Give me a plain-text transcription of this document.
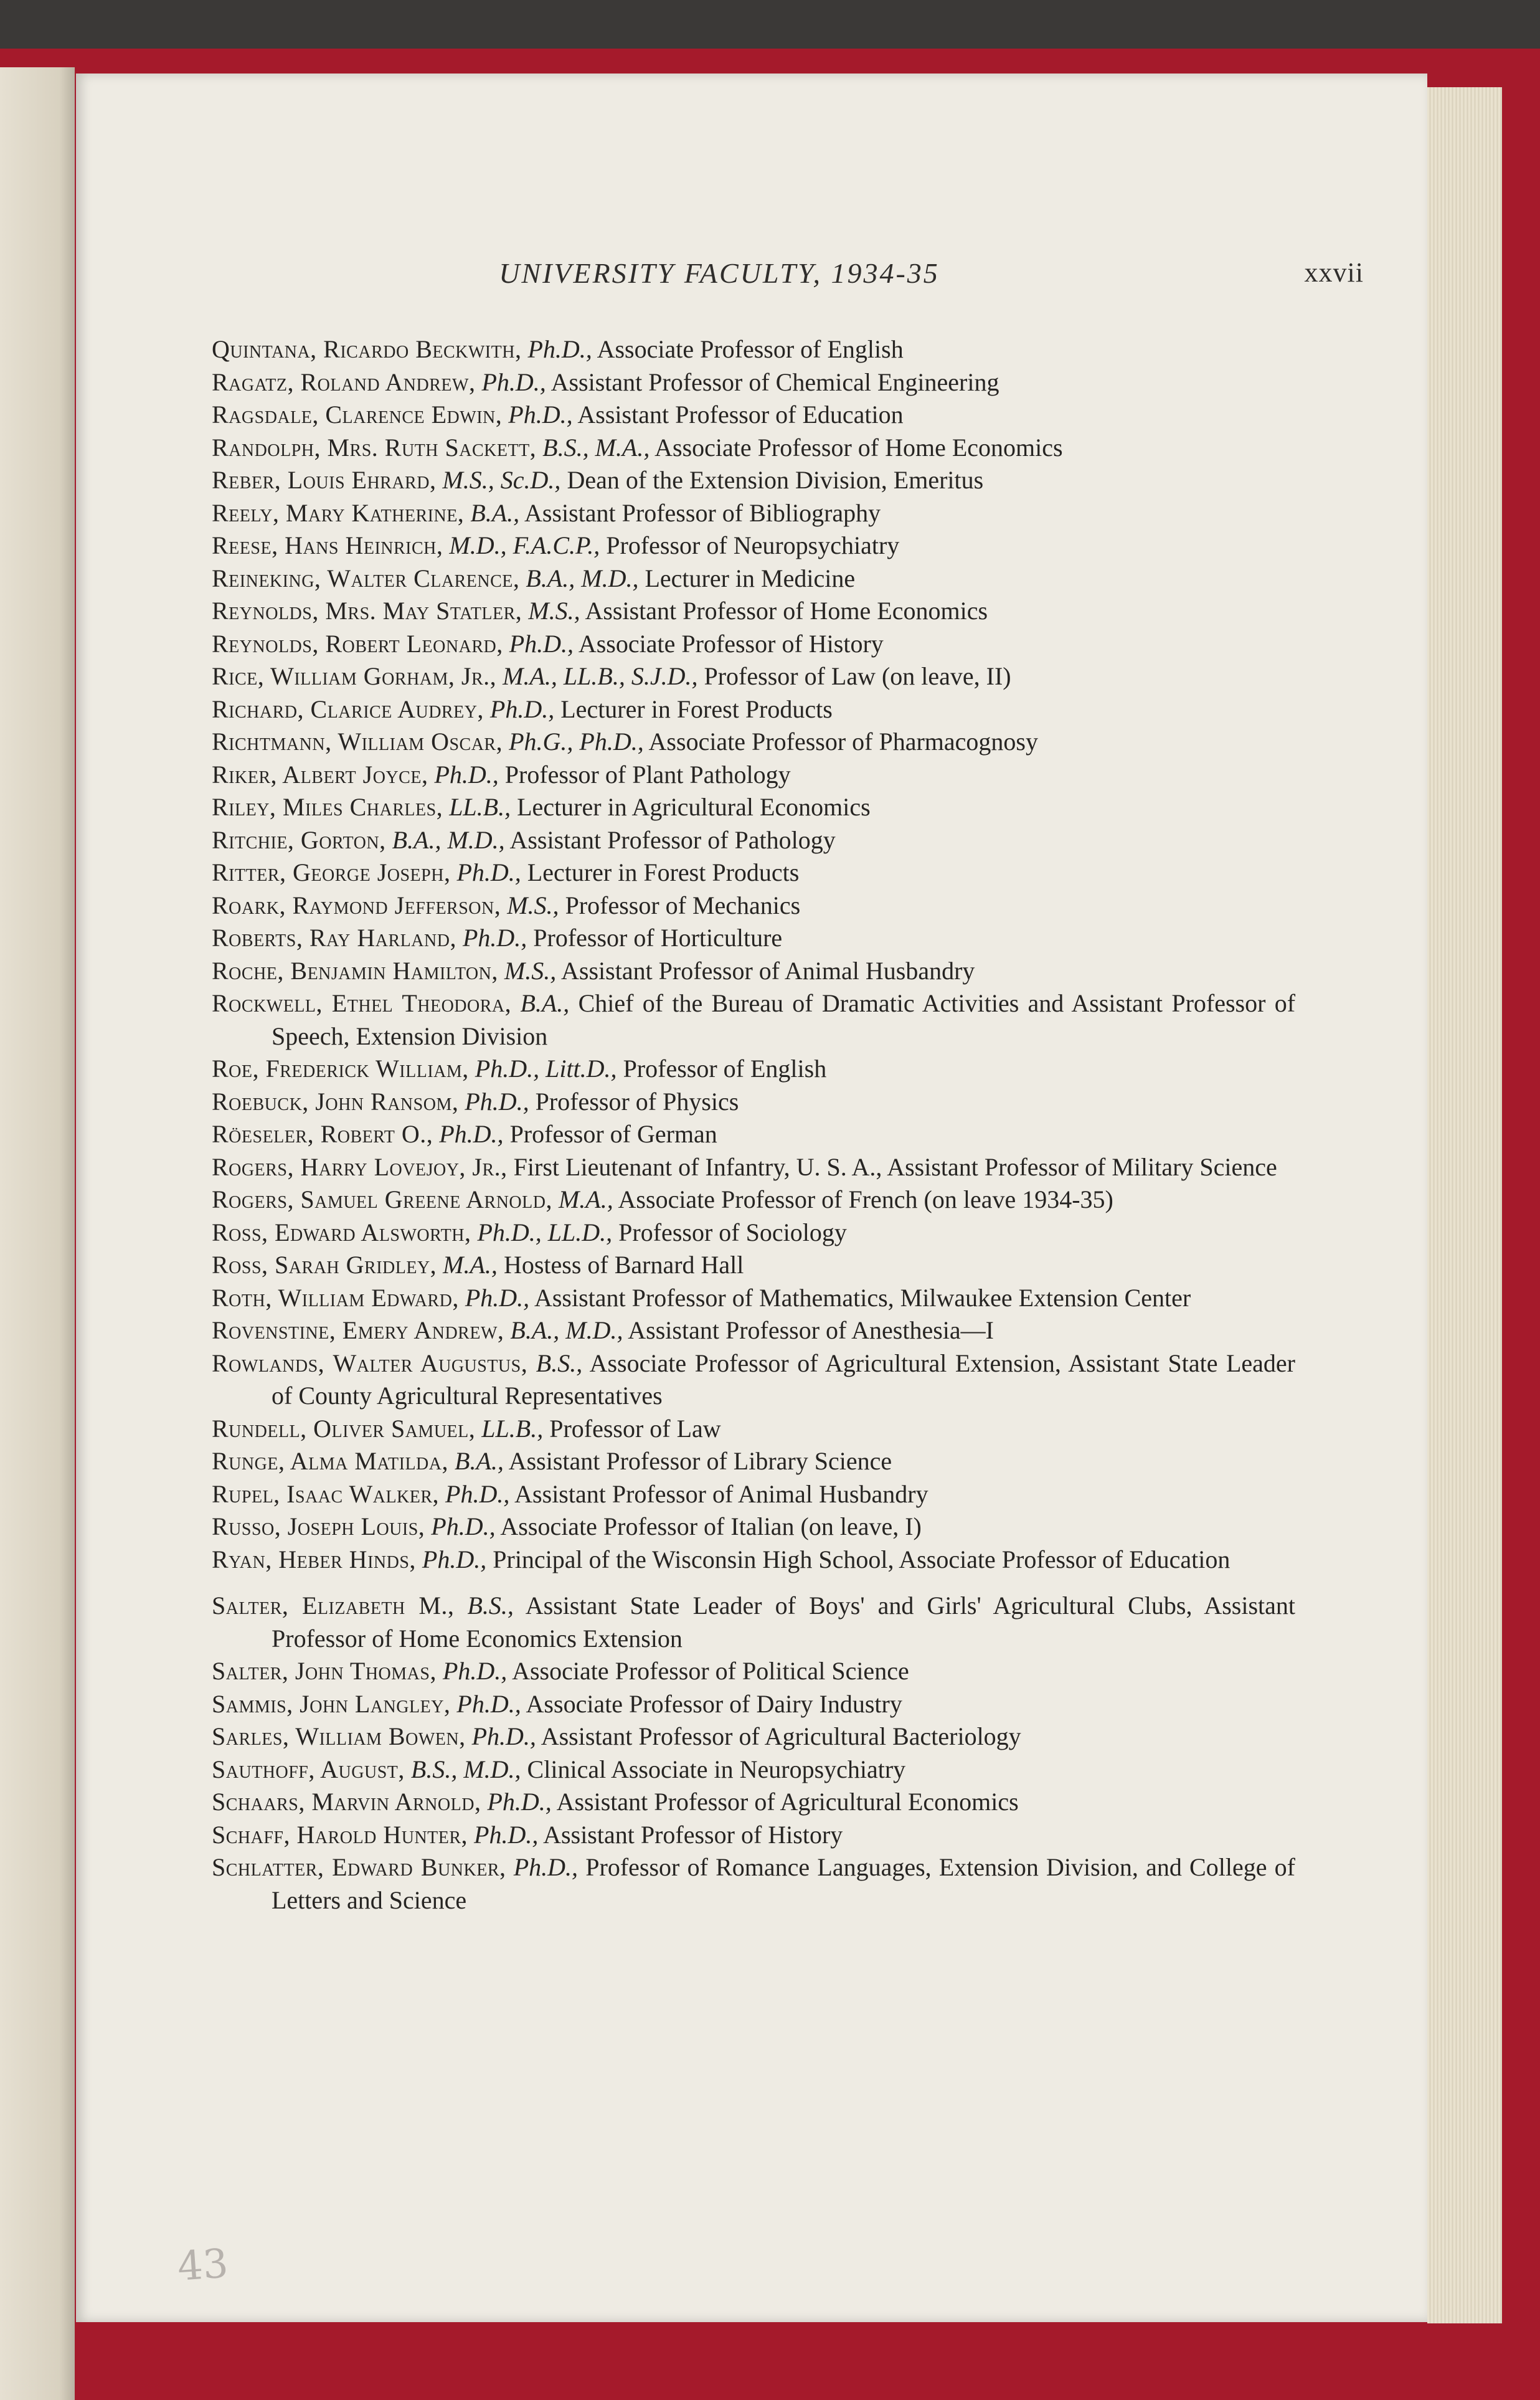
UNIVERSITY FACULTY, 1934-35	xxvii

Quintana, Ricardo Beckwith, Ph.D., Associate Professor of English

Ragatz, Roland Andrew, Ph.D., Assistant Professor of Chemical Engineering

Ragsdale, Clarence Edwin, Ph.D., Assistant Professor of Education

Randolph, Mrs. Ruth Sackett, B.S., M.A., Associate Professor of Home Economics

Reber, Louis Ehrard, M.S., Sc.D., Dean of the Extension Division, Emeritus

Reely, Mary Katherine, B.A., Assistant Professor of Bibliography

Reese, Hans Heinrich, M.D., F.A.C.P., Professor of Neuropsychiatry

Reineking, Walter Clarence, B.A., M.D., Lecturer in Medicine

Reynolds, Mrs. May Statler, M.S., Assistant Professor of Home Economics

Reynolds, Robert Leonard, Ph.D., Associate Professor of History

Rice, William Gorham, Jr., M.A., LL.B., S.J.D., Professor of Law (on leave, II)

Richard, Clarice Audrey, Ph.D., Lecturer in Forest Products

Richtmann, William Oscar, Ph.G., Ph.D., Associate Professor of Pharmacognosy

Riker, Albert Joyce, Ph.D., Professor of Plant Pathology

Riley, Miles Charles, LL.B., Lecturer in Agricultural Economics

Ritchie, Gorton, B.A., M.D., Assistant Professor of Pathology

Ritter, George Joseph, Ph.D., Lecturer in Forest Products

Roark, Raymond Jefferson, M.S., Professor of Mechanics

Roberts, Ray Harland, Ph.D., Professor of Horticulture

Roche, Benjamin Hamilton, M.S., Assistant Professor of Animal Husbandry

Rockwell, Ethel Theodora, B.A., Chief of the Bureau of Dramatic Activities and Assistant Professor of Speech, Extension Division

Roe, Frederick William, Ph.D., Litt.D., Professor of English

Roebuck, John Ransom, Ph.D., Professor of Physics

Röeseler, Robert O., Ph.D., Professor of German

Rogers, Harry Lovejoy, Jr., First Lieutenant of Infantry, U. S. A., Assistant Professor of Military Science

Rogers, Samuel Greene Arnold, M.A., Associate Professor of French (on leave 1934-35)

Ross, Edward Alsworth, Ph.D., LL.D., Professor of Sociology

Ross, Sarah Gridley, M.A., Hostess of Barnard Hall

Roth, William Edward, Ph.D., Assistant Professor of Mathematics, Milwaukee Extension Center

Rovenstine, Emery Andrew, B.A., M.D., Assistant Professor of Anesthesia—I

Rowlands, Walter Augustus, B.S., Associate Professor of Agricultural Extension, Assistant State Leader of County Agricultural Representatives

Rundell, Oliver Samuel, LL.B., Professor of Law

Runge, Alma Matilda, B.A., Assistant Professor of Library Science

Rupel, Isaac Walker, Ph.D., Assistant Professor of Animal Husbandry

Russo, Joseph Louis, Ph.D., Associate Professor of Italian (on leave, I)

Ryan, Heber Hinds, Ph.D., Principal of the Wisconsin High School, Associate Professor of Education

Salter, Elizabeth M., B.S., Assistant State Leader of Boys' and Girls' Agricultural Clubs, Assistant Professor of Home Economics Extension

Salter, John Thomas, Ph.D., Associate Professor of Political Science

Sammis, John Langley, Ph.D., Associate Professor of Dairy Industry

Sarles, William Bowen, Ph.D., Assistant Professor of Agricultural Bacteriology

Sauthoff, August, B.S., M.D., Clinical Associate in Neuropsychiatry

Schaars, Marvin Arnold, Ph.D., Assistant Professor of Agricultural Economics

Schaff, Harold Hunter, Ph.D., Assistant Professor of History

Schlatter, Edward Bunker, Ph.D., Professor of Romance Languages, Extension Division, and College of Letters and Science

43
